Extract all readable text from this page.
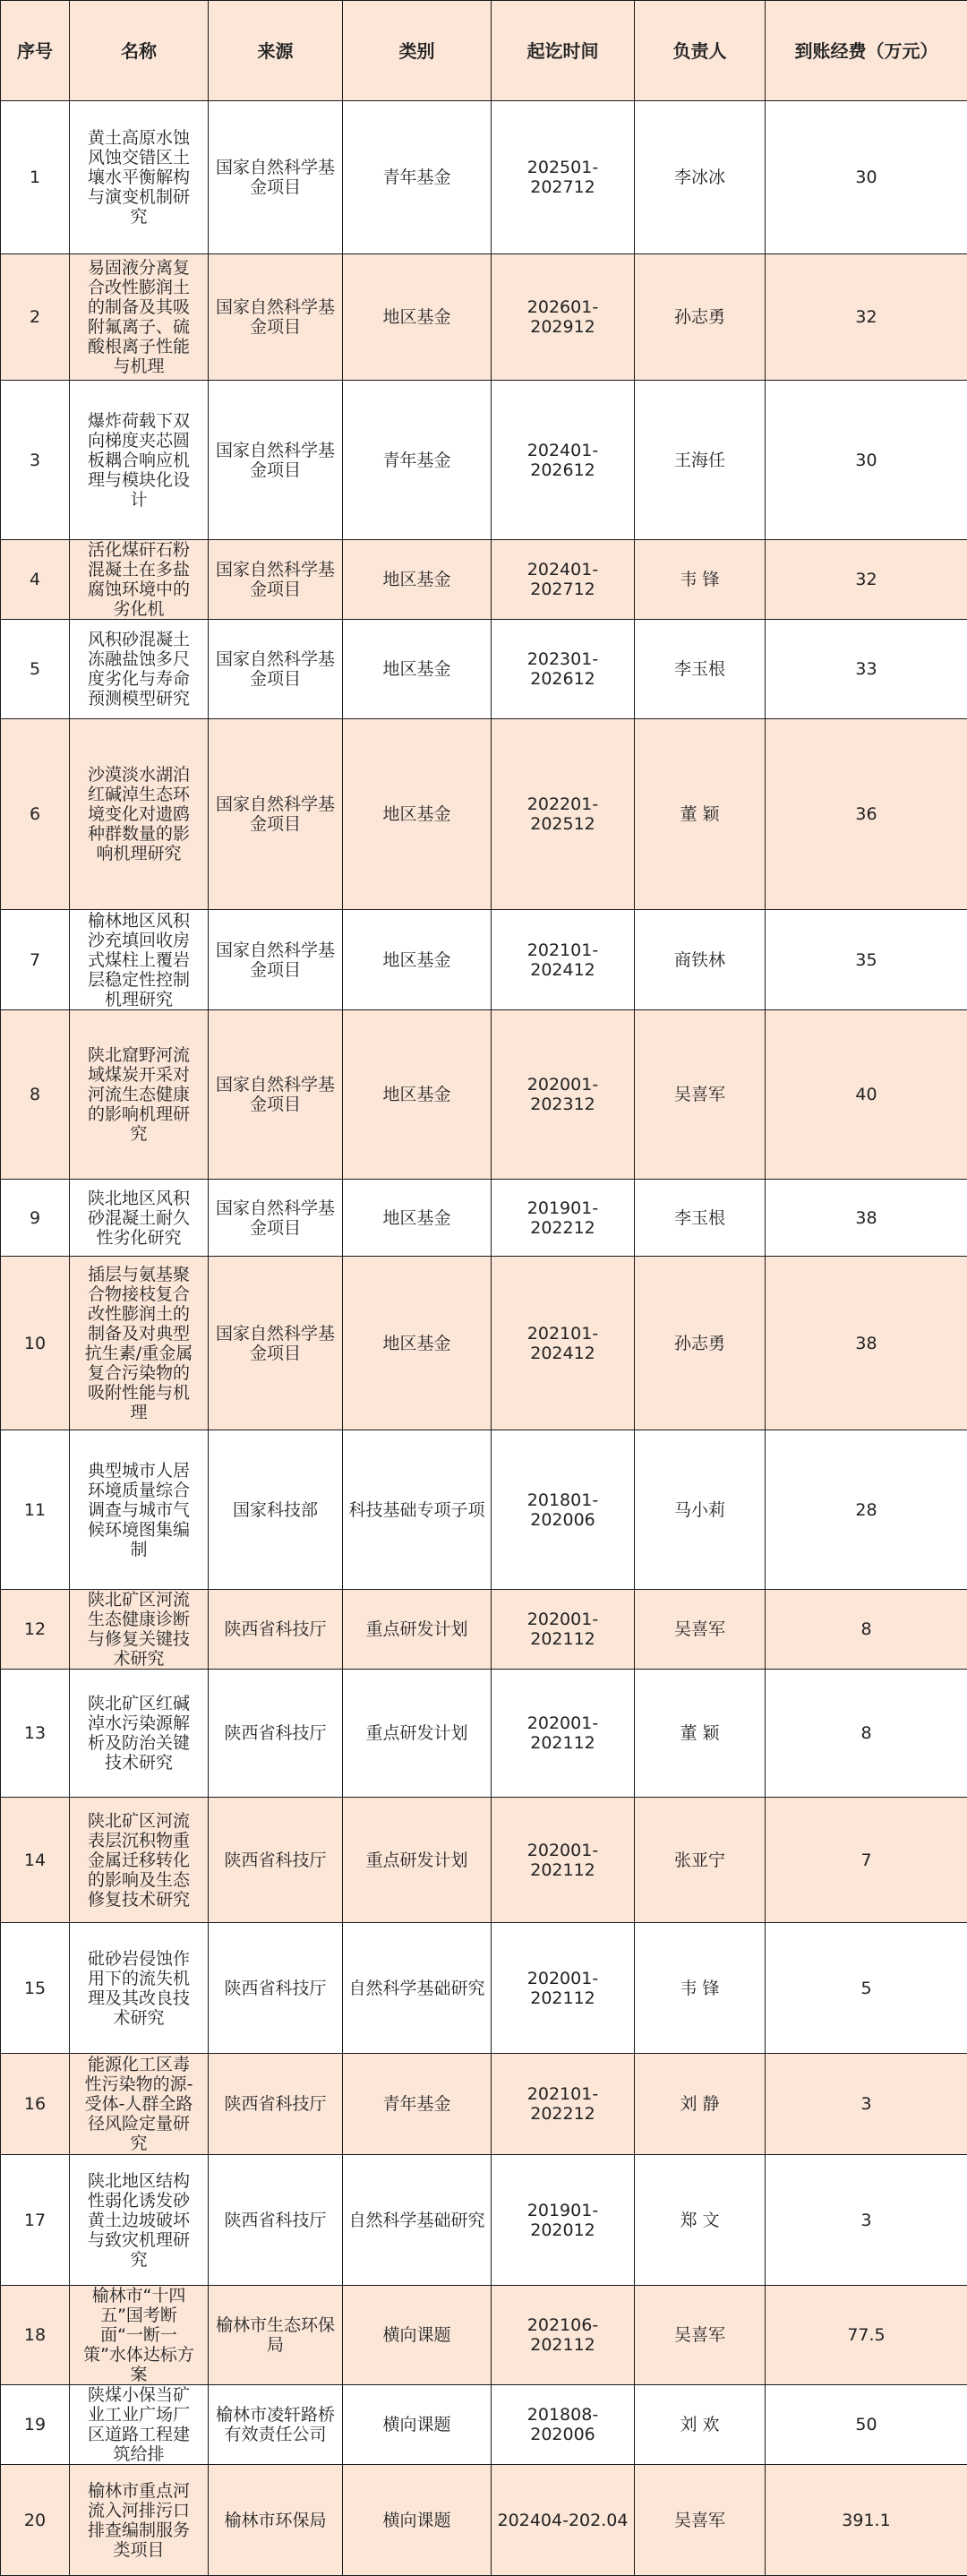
序号	名称	来源	类别	起讫时间	负责人	到账经费（万元）
1	黄土高原水蚀风蚀交错区土壤水平衡解构与演变机制研究	国家自然科学基金项目	青年基金	202501-202712	李冰冰	30
2	易固液分离复合改性膨润土的制备及其吸附氟离子、硫酸根离子性能与机理	国家自然科学基金项目	地区基金	202601-202912	孙志勇	32
3	爆炸荷载下双向梯度夹芯圆板耦合响应机理与模块化设计	国家自然科学基金项目	青年基金	202401-202612	王海任	30
4	活化煤矸石粉混凝土在多盐腐蚀环境中的劣化机	国家自然科学基金项目	地区基金	202401-202712	韦 锋	32
5	风积砂混凝土冻融盐蚀多尺度劣化与寿命预测模型研究	国家自然科学基金项目	地区基金	202301-202612	李玉根	33
6	沙漠淡水湖泊红碱淖生态环境变化对遗鸥种群数量的影响机理研究	国家自然科学基金项目	地区基金	202201-202512	董 颖	36
7	榆林地区风积沙充填回收房式煤柱上覆岩层稳定性控制机理研究	国家自然科学基金项目	地区基金	202101-202412	商铁林	35
8	陕北窟野河流域煤炭开采对河流生态健康的影响机理研究	国家自然科学基金项目	地区基金	202001-202312	吴喜军	40
9	陕北地区风积砂混凝土耐久性劣化研究	国家自然科学基金项目	地区基金	201901-202212	李玉根	38
10	插层与氨基聚合物接枝复合改性膨润土的制备及对典型抗生素/重金属复合污染物的吸附性能与机理	国家自然科学基金项目	地区基金	202101-202412	孙志勇	38
11	典型城市人居环境质量综合调查与城市气候环境图集编制	国家科技部	科技基础专项子项	201801-202006	马小莉	28
12	陕北矿区河流生态健康诊断与修复关键技术研究	陕西省科技厅	重点研发计划	202001-202112	吴喜军	8
13	陕北矿区红碱淖水污染源解析及防治关键技术研究	陕西省科技厅	重点研发计划	202001-202112	董 颖	8
14	陕北矿区河流表层沉积物重金属迁移转化的影响及生态修复技术研究	陕西省科技厅	重点研发计划	202001-202112	张亚宁	7
15	砒砂岩侵蚀作用下的流失机理及其改良技术研究	陕西省科技厅	自然科学基础研究	202001-202112	韦 锋	5
16	能源化工区毒性污染物的源-受体-人群全路径风险定量研究	陕西省科技厅	青年基金	202101-202212	刘 静	3
17	陕北地区结构性弱化诱发砂黄土边坡破坏与致灾机理研究	陕西省科技厅	自然科学基础研究	201901-202012	郑 文	3
18	榆林市“十四五”国考断面“一断一策”水体达标方案	榆林市生态环保局	横向课题	202106-202112	吴喜军	77.5
19	陕煤小保当矿业工业广场厂区道路工程建筑给排	榆林市凌轩路桥有效责任公司	横向课题	201808-202006	刘 欢	50
20	榆林市重点河流入河排污口排查编制服务类项目	榆林市环保局	横向课题	202404-202.04	吴喜军	391.1
